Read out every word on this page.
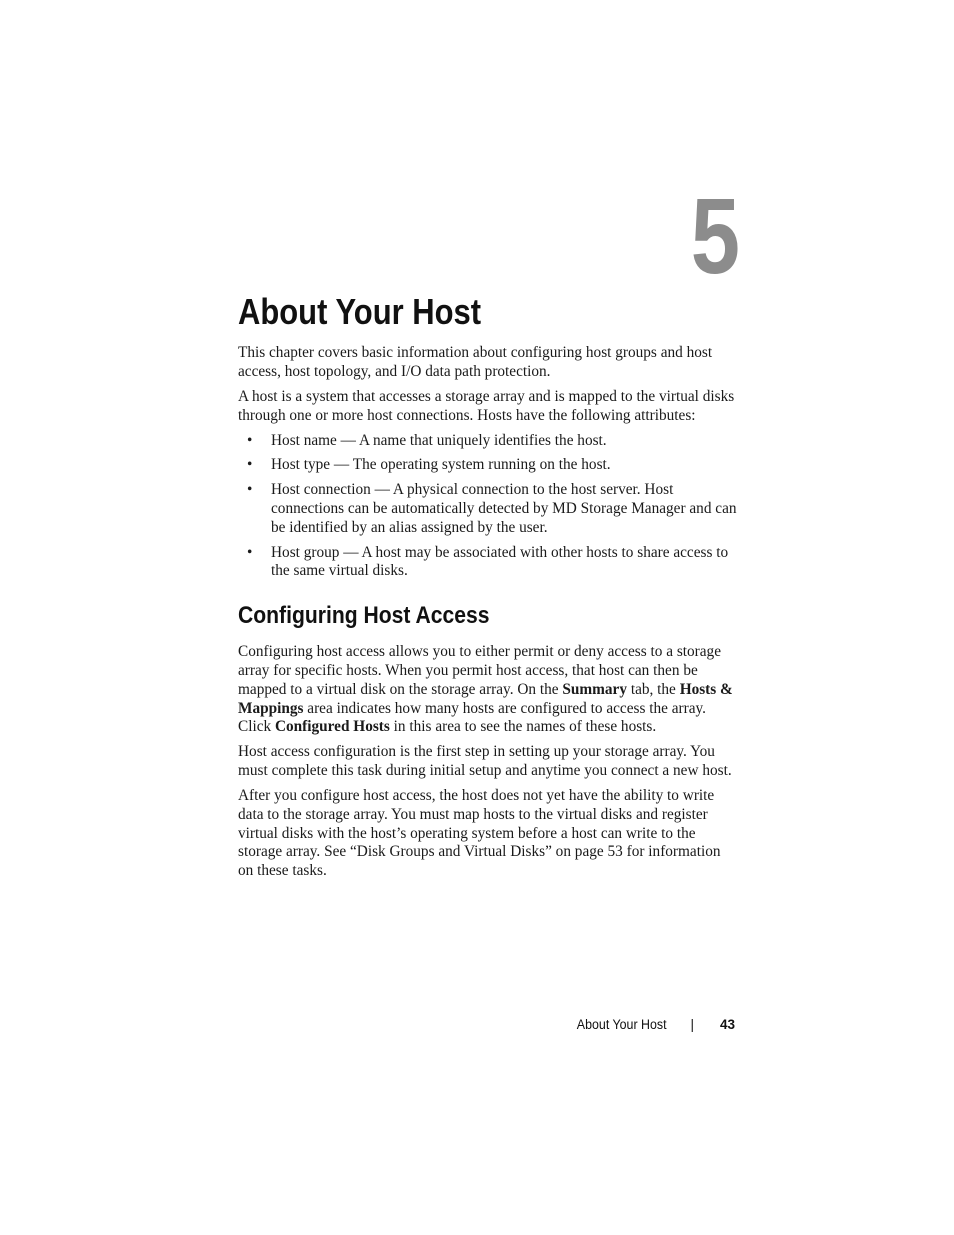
5
About Your Host

This chapter covers basic information about configuring host groups and host access, host topology, and I/O data path protection.

A host is a system that accesses a storage array and is mapped to the virtual disks through one or more host connections. Hosts have the following attributes:

• Host name — A name that uniquely identifies the host.
• Host type — The operating system running on the host.
• Host connection — A physical connection to the host server. Host connections can be automatically detected by MD Storage Manager and can be identified by an alias assigned by the user.
• Host group — A host may be associated with other hosts to share access to the same virtual disks.
Configuring Host Access

Configuring host access allows you to either permit or deny access to a storage array for specific hosts. When you permit host access, that host can then be mapped to a virtual disk on the storage array. On the Summary tab, the Hosts & Mappings area indicates how many hosts are configured to access the array. Click Configured Hosts in this area to see the names of these hosts.

Host access configuration is the first step in setting up your storage array. You must complete this task during initial setup and anytime you connect a new host.

After you configure host access, the host does not yet have the ability to write data to the storage array. You must map hosts to the virtual disks and register virtual disks with the host’s operating system before a host can write to the storage array. See “Disk Groups and Virtual Disks” on page 53 for information on these tasks.

About Your Host | 43
